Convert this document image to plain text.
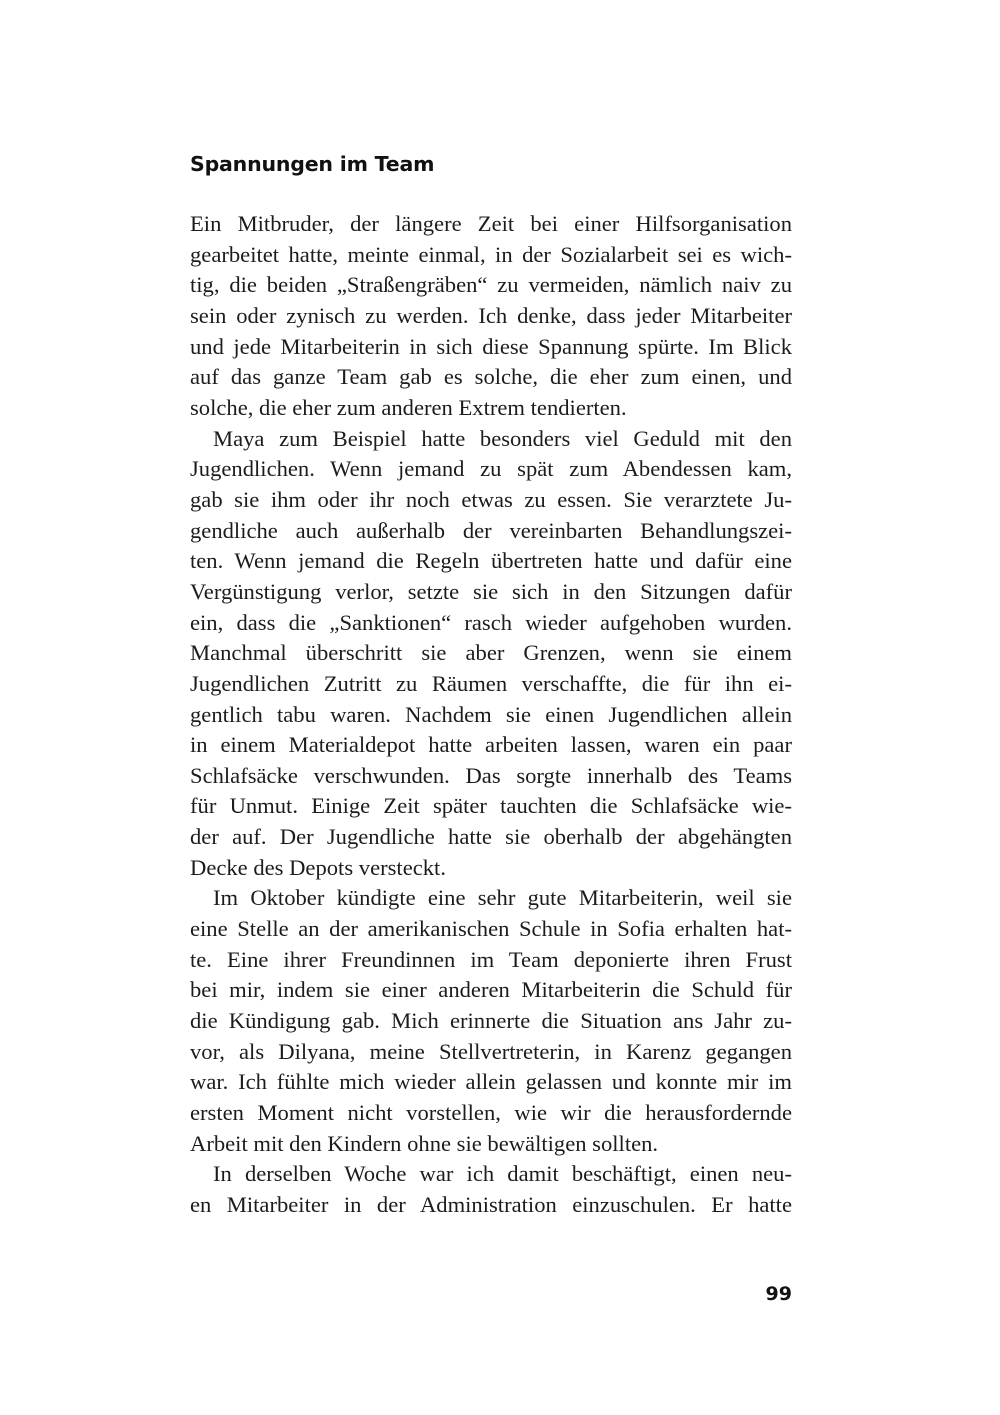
Spannungen im Team
Ein Mitbruder, der längere Zeit bei einer Hilfsorganisation
gearbeitet hatte, meinte einmal, in der Sozialarbeit sei es wich-
tig, die beiden „Straßengräben“ zu vermeiden, nämlich naiv zu
sein oder zynisch zu werden. Ich denke, dass jeder Mitarbeiter
und jede Mitarbeiterin in sich diese Spannung spürte. Im Blick
auf das ganze Team gab es solche, die eher zum einen, und
solche, die eher zum anderen Extrem tendierten.
Maya zum Beispiel hatte besonders viel Geduld mit den
Jugendlichen. Wenn jemand zu spät zum Abendessen kam,
gab sie ihm oder ihr noch etwas zu essen. Sie verarztete Ju-
gendliche auch außerhalb der vereinbarten Behandlungszei-
ten. Wenn jemand die Regeln übertreten hatte und dafür eine
Vergünstigung verlor, setzte sie sich in den Sitzungen dafür
ein, dass die „Sanktionen“ rasch wieder aufgehoben wurden.
Manchmal überschritt sie aber Grenzen, wenn sie einem
Jugendlichen Zutritt zu Räumen verschaffte, die für ihn ei-
gentlich tabu waren. Nachdem sie einen Jugendlichen allein
in einem Materialdepot hatte arbeiten lassen, waren ein paar
Schlafsäcke verschwunden. Das sorgte innerhalb des Teams
für Unmut. Einige Zeit später tauchten die Schlafsäcke wie-
der auf. Der Jugendliche hatte sie oberhalb der abgehängten
Decke des Depots versteckt.
Im Oktober kündigte eine sehr gute Mitarbeiterin, weil sie
eine Stelle an der amerikanischen Schule in Sofia erhalten hat-
te. Eine ihrer Freundinnen im Team deponierte ihren Frust
bei mir, indem sie einer anderen Mitarbeiterin die Schuld für
die Kündigung gab. Mich erinnerte die Situation ans Jahr zu-
vor, als Dilyana, meine Stellvertreterin, in Karenz gegangen
war. Ich fühlte mich wieder allein gelassen und konnte mir im
ersten Moment nicht vorstellen, wie wir die herausfordernde
Arbeit mit den Kindern ohne sie bewältigen sollten.
In derselben Woche war ich damit beschäftigt, einen neu-
en Mitarbeiter in der Administration einzuschulen. Er hatte
99
